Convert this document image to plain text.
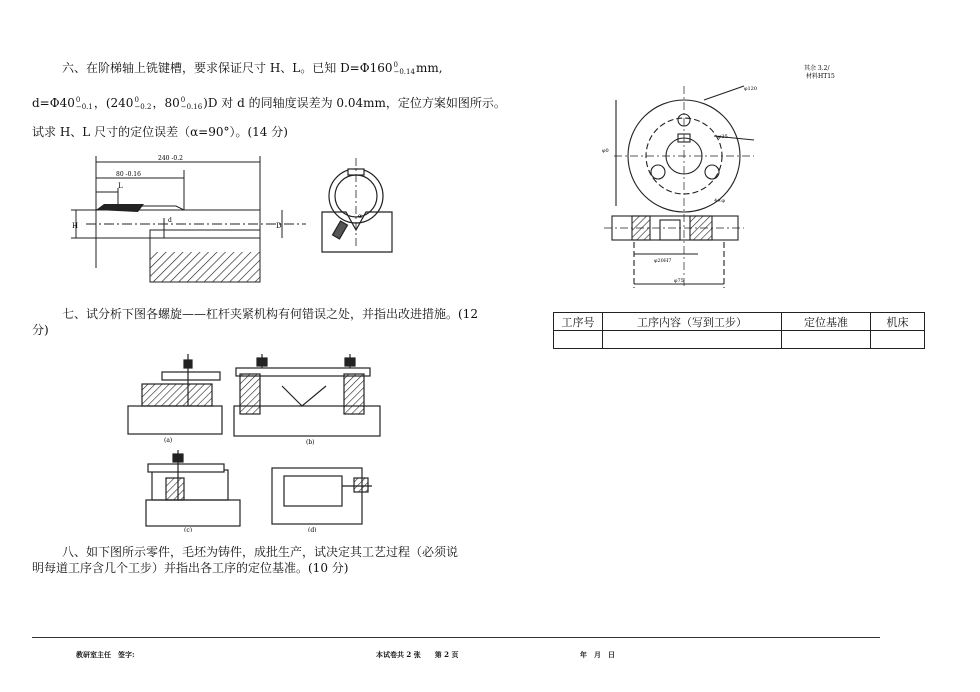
六、在阶梯轴上铣键槽，要求保证尺寸 H、L。已知 D=Φ160 0
−0.14 mm,
d=Φ40 0
−0.1 ，(240 0
−0.2 ，80 0
−0.16 )D 对 d 的同轴度误差为 0.04mm，定位方案如图所示。
试求 H、L 尺寸的定位误差（α=90°）。(14 分)
240 -0.2
80 -0.16
L
H	D
d
α
七、试分析下图各螺旋——杠杆夹紧机构有何错误之处，并指出改进措施。(12
分)
(a)	(b)
(c)	(d)
八、如下图所示零件，毛坯为铸件，成批生产，试决定其工艺过程（必须说
明每道工序含几个工步）并指出各工序的定位基准。(10 分)
其余 3.2/
材料HT15
φ120
φ25
φ0
φ20H7
φ75
4×φ
工序号	工序内容（写到工步）	定位基准	机床

教研室主任　签字:	本试卷共 2 张　　第 2 页	年　月　日
